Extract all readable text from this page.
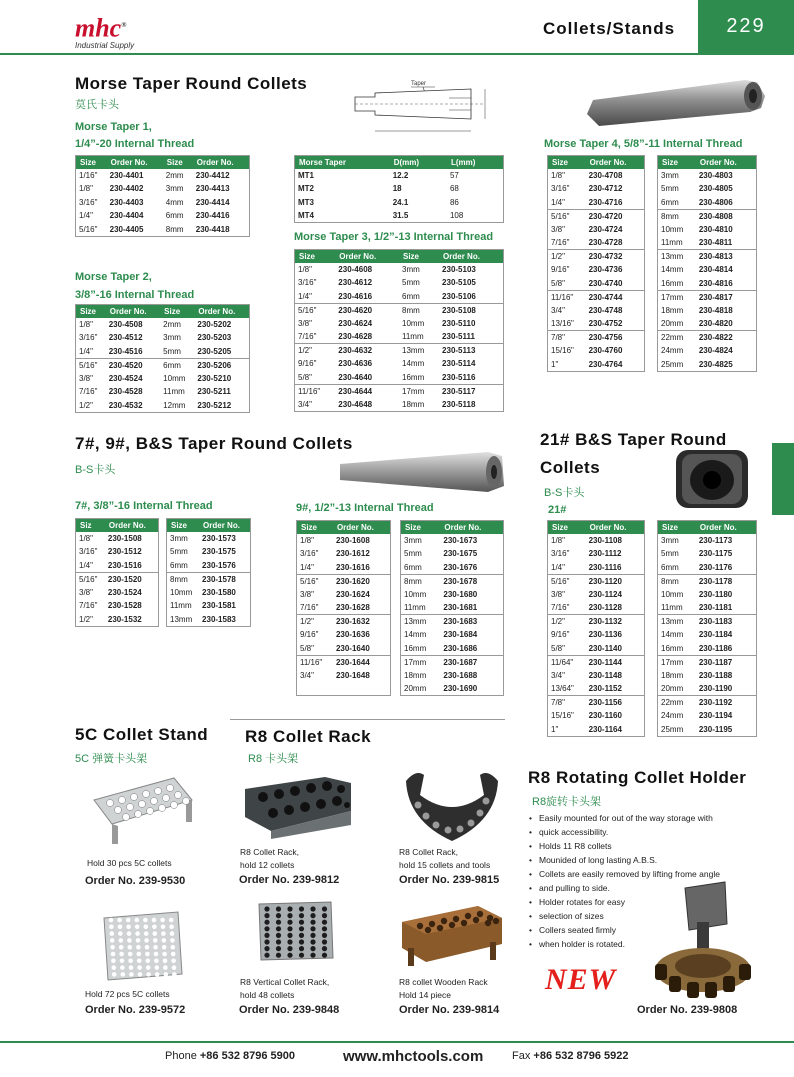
mhc®
Industrial Supply
Collets/Stands	229
Morse Taper Round Collets
莫氏卡头
Morse Taper 1,
1/4”-20 Internal Thread
Taper
Size	Order No.	Size	Order No.
1/16"	230-4401	2mm	230-4412
1/8"	230-4402	3mm	230-4413
3/16"	230-4403	4mm	230-4414
1/4"	230-4404	6mm	230-4416
5/16"	230-4405	8mm	230-4418
Morse Taper	D(mm)	L(mm)
MT1	12.2	57
MT2	18	68
MT3	24.1	86
MT4	31.5	108
Morse Taper 2,
3/8”-16 Internal Thread
Size	Order No.	Size	Order No.
1/8"	230-4508	2mm	230-5202
3/16"	230-4512	3mm	230-5203
1/4"	230-4516	5mm	230-5205
5/16"	230-4520	6mm	230-5206
3/8"	230-4524	10mm	230-5210
7/16"	230-4528	11mm	230-5211
1/2"	230-4532	12mm	230-5212
Morse Taper 3, 1/2”-13 Internal Thread
Size	Order No.	Size	Order No.
1/8"	230-4608	3mm	230-5103
3/16"	230-4612	5mm	230-5105
1/4"	230-4616	6mm	230-5106
5/16"	230-4620	8mm	230-5108
3/8"	230-4624	10mm	230-5110
7/16"	230-4628	11mm	230-5111
1/2"	230-4632	13mm	230-5113
9/16"	230-4636	14mm	230-5114
5/8"	230-4640	16mm	230-5116
11/16"	230-4644	17mm	230-5117
3/4"	230-4648	18mm	230-5118
Morse Taper 4, 5/8”-11 Internal Thread
Size	Order No.
1/8"	230-4708
3/16"	230-4712
1/4"	230-4716
5/16"	230-4720
3/8"	230-4724
7/16"	230-4728
1/2"	230-4732
9/16"	230-4736
5/8"	230-4740
11/16"	230-4744
3/4"	230-4748
13/16"	230-4752
7/8"	230-4756
15/16"	230-4760
1"	230-4764
Size	Order No.
3mm	230-4803
5mm	230-4805
6mm	230-4806
8mm	230-4808
10mm	230-4810
11mm	230-4811
13mm	230-4813
14mm	230-4814
16mm	230-4816
17mm	230-4817
18mm	230-4818
20mm	230-4820
22mm	230-4822
24mm	230-4824
25mm	230-4825
7#, 9#, B&S Taper Round Collets
B-S卡头
7#, 3/8”-16 Internal Thread
Siz	Order No.
1/8"	230-1508
3/16"	230-1512
1/4"	230-1516
5/16"	230-1520
3/8"	230-1524
7/16"	230-1528
1/2"	230-1532
Size	Order No.
3mm	230-1573
5mm	230-1575
6mm	230-1576
8mm	230-1578
10mm	230-1580
11mm	230-1581
13mm	230-1583
9#, 1/2”-13 Internal Thread
Size	Order No.
1/8"	230-1608
3/16"	230-1612
1/4"	230-1616
5/16"	230-1620
3/8"	230-1624
7/16"	230-1628
1/2"	230-1632
9/16"	230-1636
5/8"	230-1640
11/16"	230-1644
3/4"	230-1648

Size	Order No.
3mm	230-1673
5mm	230-1675
6mm	230-1676
8mm	230-1678
10mm	230-1680
11mm	230-1681
13mm	230-1683
14mm	230-1684
16mm	230-1686
17mm	230-1687
18mm	230-1688
20mm	230-1690
21# B&S Taper Round
Collets
B-S卡头
21#
Size	Order No.
1/8"	230-1108
3/16"	230-1112
1/4"	230-1116
5/16"	230-1120
3/8"	230-1124
7/16"	230-1128
1/2"	230-1132
9/16"	230-1136
5/8"	230-1140
11/64"	230-1144
3/4"	230-1148
13/64"	230-1152
7/8"	230-1156
15/16"	230-1160
1"	230-1164
Size	Order No.
3mm	230-1173
5mm	230-1175
6mm	230-1176
8mm	230-1178
10mm	230-1180
11mm	230-1181
13mm	230-1183
14mm	230-1184
16mm	230-1186
17mm	230-1187
18mm	230-1188
20mm	230-1190
22mm	230-1192
24mm	230-1194
25mm	230-1195
5C Collet Stand
5C 弹簧卡头架
Hold 30 pcs 5C collets
Order No. 239-9530
Hold 72 pcs 5C collets
Order No. 239-9572
R8 Collet Rack
R8 卡头架
R8 Collet Rack,
hold 12 collets
Order No. 239-9812
R8 Collet Rack,
hold 15 collets and tools
Order No. 239-9815
R8 Vertical Collet Rack,
hold 48 collets
Order No. 239-9848
R8 collet Wooden Rack
Hold 14 piece
Order No. 239-9814
R8 Rotating Collet Holder
R8旋转卡头架
• Easily mounted for out of the way storage with
• quick accessibility.
• Holds 11 R8 collets
• Mounided of long lasting A.B.S.
• Collets are easily removed by lifting frome angle
• and pulling to side.
• Holder rotates for easy
• selection of sizes
• Collers seated firmly
• when holder is rotated.
NEW
Order No. 239-9808
Phone +86 532 8796 5900	www.mhctools.com	Fax +86 532 8796 5922
